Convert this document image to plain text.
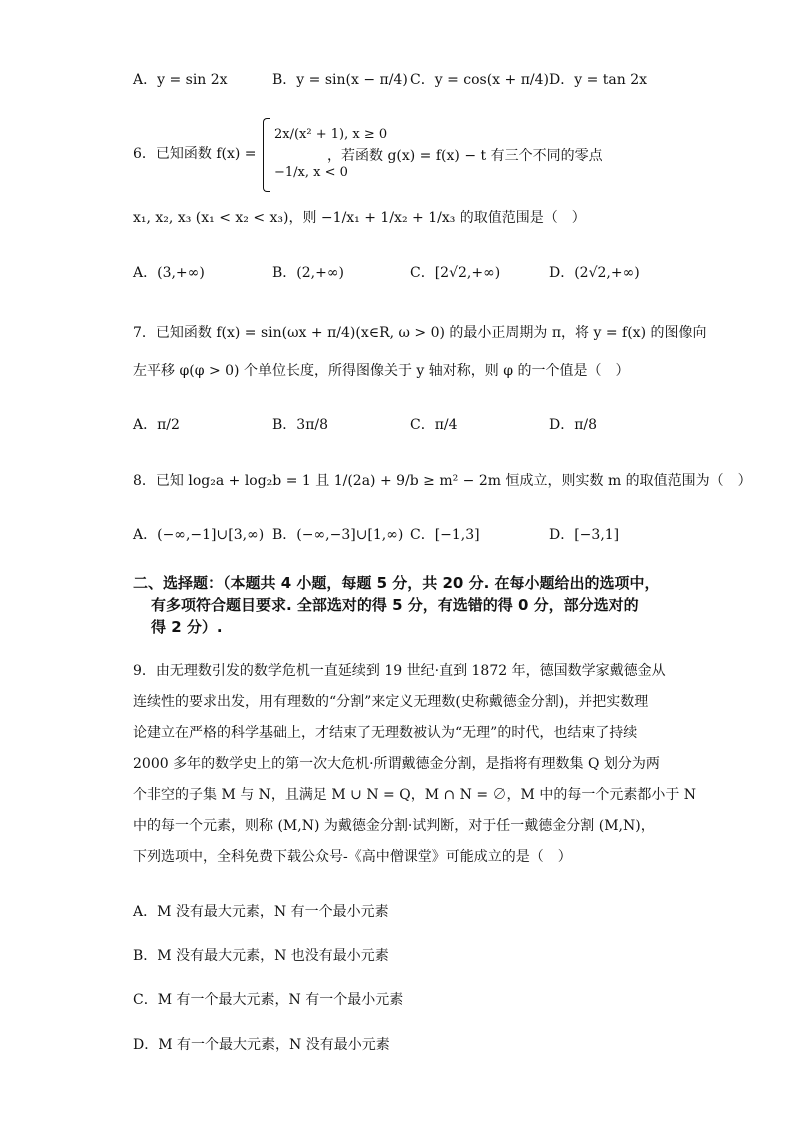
A．y = sin 2x	B．y = sin(x − π/4) C．y = cos(x + π/4) D．y = tan 2x
6．已知函数 f(x) =
2x/(x² + 1), x ≥ 0
−1/x, x < 0
，若函数 g(x) = f(x) − t 有三个不同的零点
x₁, x₂, x₃ (x₁ < x₂ < x₃)，则 −1/x₁ + 1/x₂ + 1/x₃ 的取值范围是（　）
A．(3,+∞)	B．(2,+∞)	C．[2√2,+∞)	D．(2√2,+∞)
7．已知函数 f(x) = sin(ωx + π/4)(x∈R, ω > 0) 的最小正周期为 π，将 y = f(x) 的图像向
左平移 φ(φ > 0) 个单位长度，所得图像关于 y 轴对称，则 φ 的一个值是（　）
A．π/2	B．3π/8	C．π/4	D．π/8
8．已知 log₂a + log₂b = 1 且 1/(2a) + 9/b ≥ m² − 2m 恒成立，则实数 m 的取值范围为（　）
A．(−∞,−1]∪[3,∞) B．(−∞,−3]∪[1,∞) C．[−1,3]	D．[−3,1]
二、选择题：（本题共 4 小题，每题 5 分，共 20 分. 在每小题给出的选项中，
有多项符合题目要求. 全部选对的得 5 分，有选错的得 0 分，部分选对的
得 2 分）.
9．由无理数引发的数学危机一直延续到 19 世纪·直到 1872 年，德国数学家戴德金从
连续性的要求出发，用有理数的“分割”来定义无理数(史称戴德金分割)，并把实数理
论建立在严格的科学基础上，才结束了无理数被认为“无理”的时代，也结束了持续
2000 多年的数学史上的第一次大危机·所谓戴德金分割，是指将有理数集 Q 划分为两
个非空的子集 M 与 N，且满足 M ∪ N = Q，M ∩ N = ∅，M 中的每一个元素都小于 N
中的每一个元素，则称 (M,N) 为戴德金分割·试判断，对于任一戴德金分割 (M,N)，
下列选项中，全科免费下载公众号-《高中僧课堂》可能成立的是（　）
A．M 没有最大元素，N 有一个最小元素
B．M 没有最大元素，N 也没有最小元素
C．M 有一个最大元素，N 有一个最小元素
D．M 有一个最大元素，N 没有最小元素
